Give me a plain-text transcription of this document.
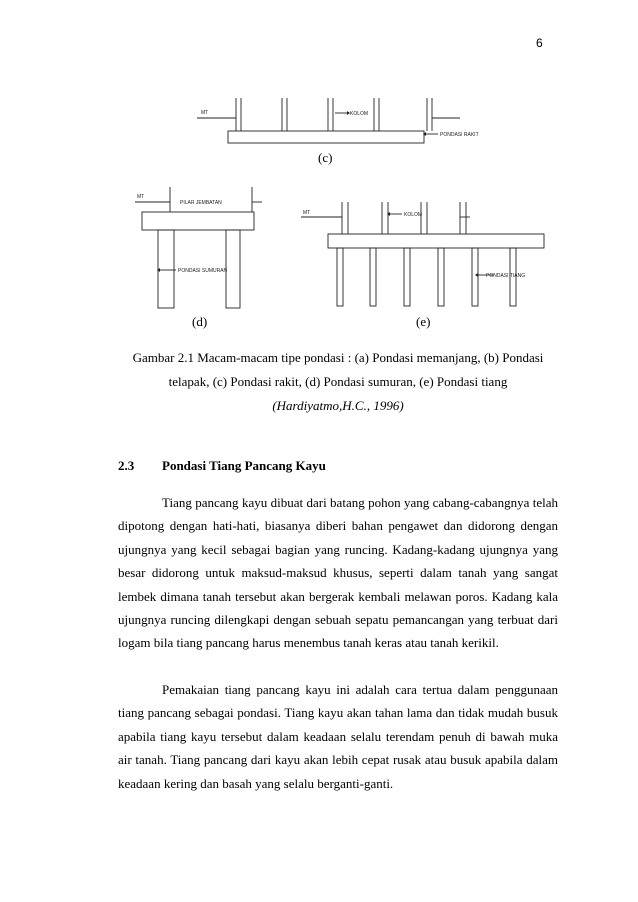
6
MT	KOLOM
PONDASI RAKIT
MT
PILAR JEMBATAN
PONDASI SUMURAN
MT	KOLOM
PONDASI TIANG
(c)
(d)	(e)
Gambar 2.1 Macam-macam tipe pondasi : (a) Pondasi memanjang, (b) Pondasi
telapak, (c) Pondasi rakit, (d) Pondasi sumuran, (e) Pondasi tiang
(Hardiyatmo,H.C., 1996)
2.3 Pondasi Tiang Pancang Kayu

Tiang pancang kayu dibuat dari batang pohon yang cabang-cabangnya telah dipotong dengan hati-hati, biasanya diberi bahan pengawet dan didorong dengan ujungnya yang kecil sebagai bagian yang runcing. Kadang-kadang ujungnya yang besar didorong untuk maksud-maksud khusus, seperti dalam tanah yang sangat lembek dimana tanah tersebut akan bergerak kembali melawan poros. Kadang kala ujungnya runcing dilengkapi dengan sebuah sepatu pemancangan yang terbuat dari logam bila tiang pancang harus menembus tanah keras atau tanah kerikil.

Pemakaian tiang pancang kayu ini adalah cara tertua dalam penggunaan tiang pancang sebagai pondasi. Tiang kayu akan tahan lama dan tidak mudah busuk apabila tiang kayu tersebut dalam keadaan selalu terendam penuh di bawah muka air tanah. Tiang pancang dari kayu akan lebih cepat rusak atau busuk apabila dalam keadaan kering dan basah yang selalu berganti-ganti.
